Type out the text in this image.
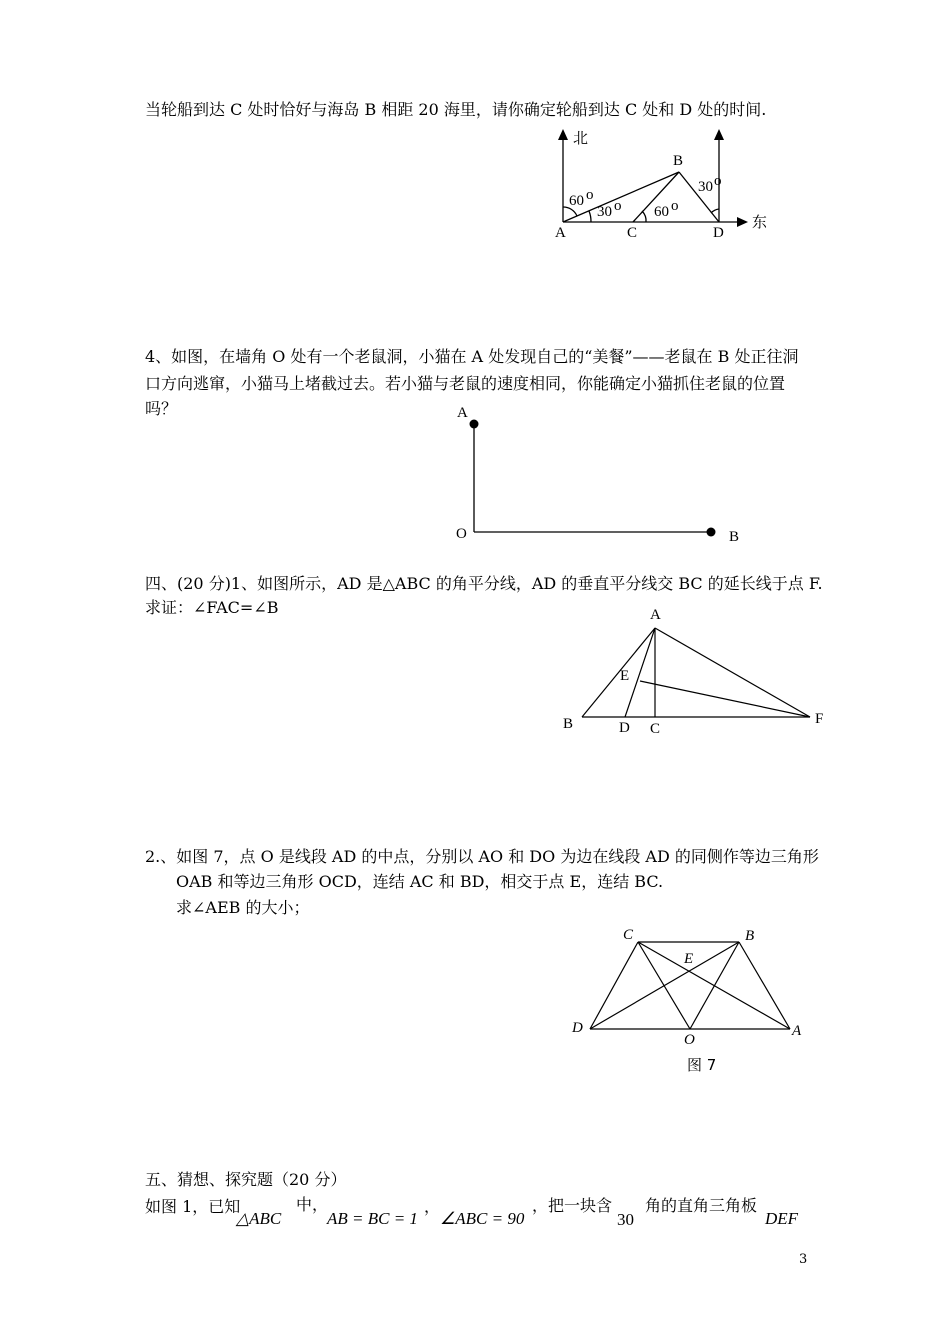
当轮船到达 C 处时恰好与海岛 B 相距 20 海里，请你确定轮船到达 C 处和 D 处的时间.
北
东
A
B
C	D
60 o
30 o 60 o
30 o
4、如图，在墙角 O 处有一个老鼠洞，小猫在 A 处发现自己的“美餐”——老鼠在 B 处正往洞
口方向逃窜，小猫马上堵截过去。若小猫与老鼠的速度相同，你能确定小猫抓住老鼠的位置
吗？	A
O	B
四、(20 分)1、如图所示，AD 是△ABC 的角平分线，AD 的垂直平分线交 BC 的延长线于点 F.
求证：∠FAC=∠B	A
B	D C
E
F
2.、如图 7，点 O 是线段 AD 的中点，分别以 AO 和 DO 为边在线段 AD 的同侧作等边三角形
OAB 和等边三角形 OCD，连结 AC 和 BD，相交于点 E，连结 BC.
求∠AEB 的大小；
C	B
E
D	A
O
图 7
五、猜想、探究题（20 分）
如图 1，已知
△ABC
中，
AB = BC = 1
，
∠ABC = 90
，把一块含
30
角的直角三角板
DEF
3
